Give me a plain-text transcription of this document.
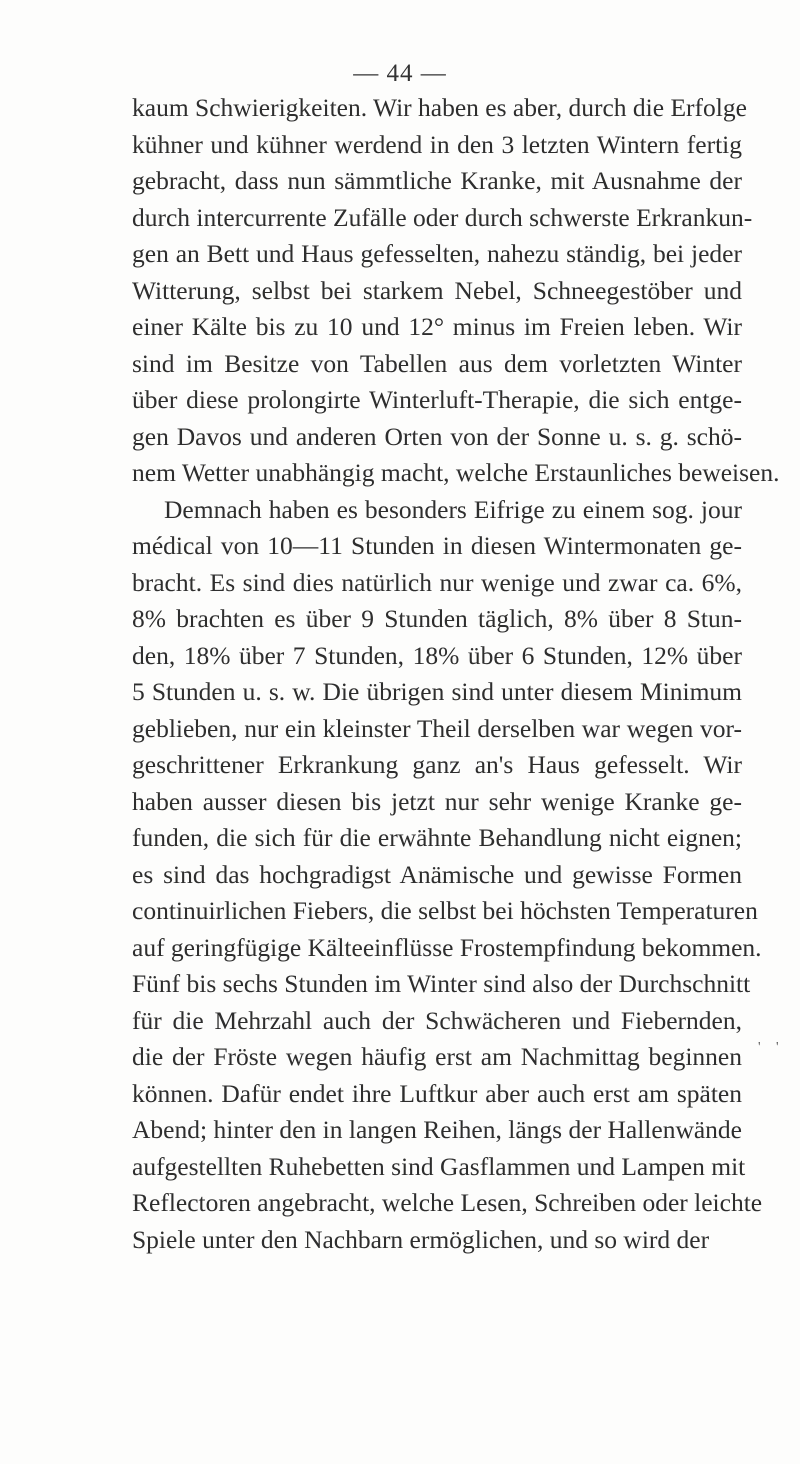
— 44 —
kaum Schwierigkeiten. Wir haben es aber, durch die Erfolge
kühner und kühner werdend in den 3 letzten Wintern fertig
gebracht, dass nun sämmtliche Kranke, mit Ausnahme der
durch intercurrente Zufälle oder durch schwerste Erkrankun-
gen an Bett und Haus gefesselten, nahezu ständig, bei jeder
Witterung, selbst bei starkem Nebel, Schneegestöber und
einer Kälte bis zu 10 und 12° minus im Freien leben. Wir
sind im Besitze von Tabellen aus dem vorletzten Winter
über diese prolongirte Winterluft-Therapie, die sich entge-
gen Davos und anderen Orten von der Sonne u. s. g. schö-
nem Wetter unabhängig macht, welche Erstaunliches beweisen.
Demnach haben es besonders Eifrige zu einem sog. jour
médical von 10—11 Stunden in diesen Wintermonaten ge-
bracht. Es sind dies natürlich nur wenige und zwar ca. 6%,
8% brachten es über 9 Stunden täglich, 8% über 8 Stun-
den, 18% über 7 Stunden, 18% über 6 Stunden, 12% über
5 Stunden u. s. w. Die übrigen sind unter diesem Minimum
geblieben, nur ein kleinster Theil derselben war wegen vor-
geschrittener Erkrankung ganz an's Haus gefesselt. Wir
haben ausser diesen bis jetzt nur sehr wenige Kranke ge-
funden, die sich für die erwähnte Behandlung nicht eignen;
es sind das hochgradigst Anämische und gewisse Formen
continuirlichen Fiebers, die selbst bei höchsten Temperaturen
auf geringfügige Kälteeinflüsse Frostempfindung bekommen.
Fünf bis sechs Stunden im Winter sind also der Durchschnitt
für die Mehrzahl auch der Schwächeren und Fiebernden,
die der Fröste wegen häufig erst am Nachmittag beginnen
können. Dafür endet ihre Luftkur aber auch erst am späten
Abend; hinter den in langen Reihen, längs der Hallenwände
aufgestellten Ruhebetten sind Gasflammen und Lampen mit
Reflectoren angebracht, welche Lesen, Schreiben oder leichte
Spiele unter den Nachbarn ermöglichen, und so wird der
' '
